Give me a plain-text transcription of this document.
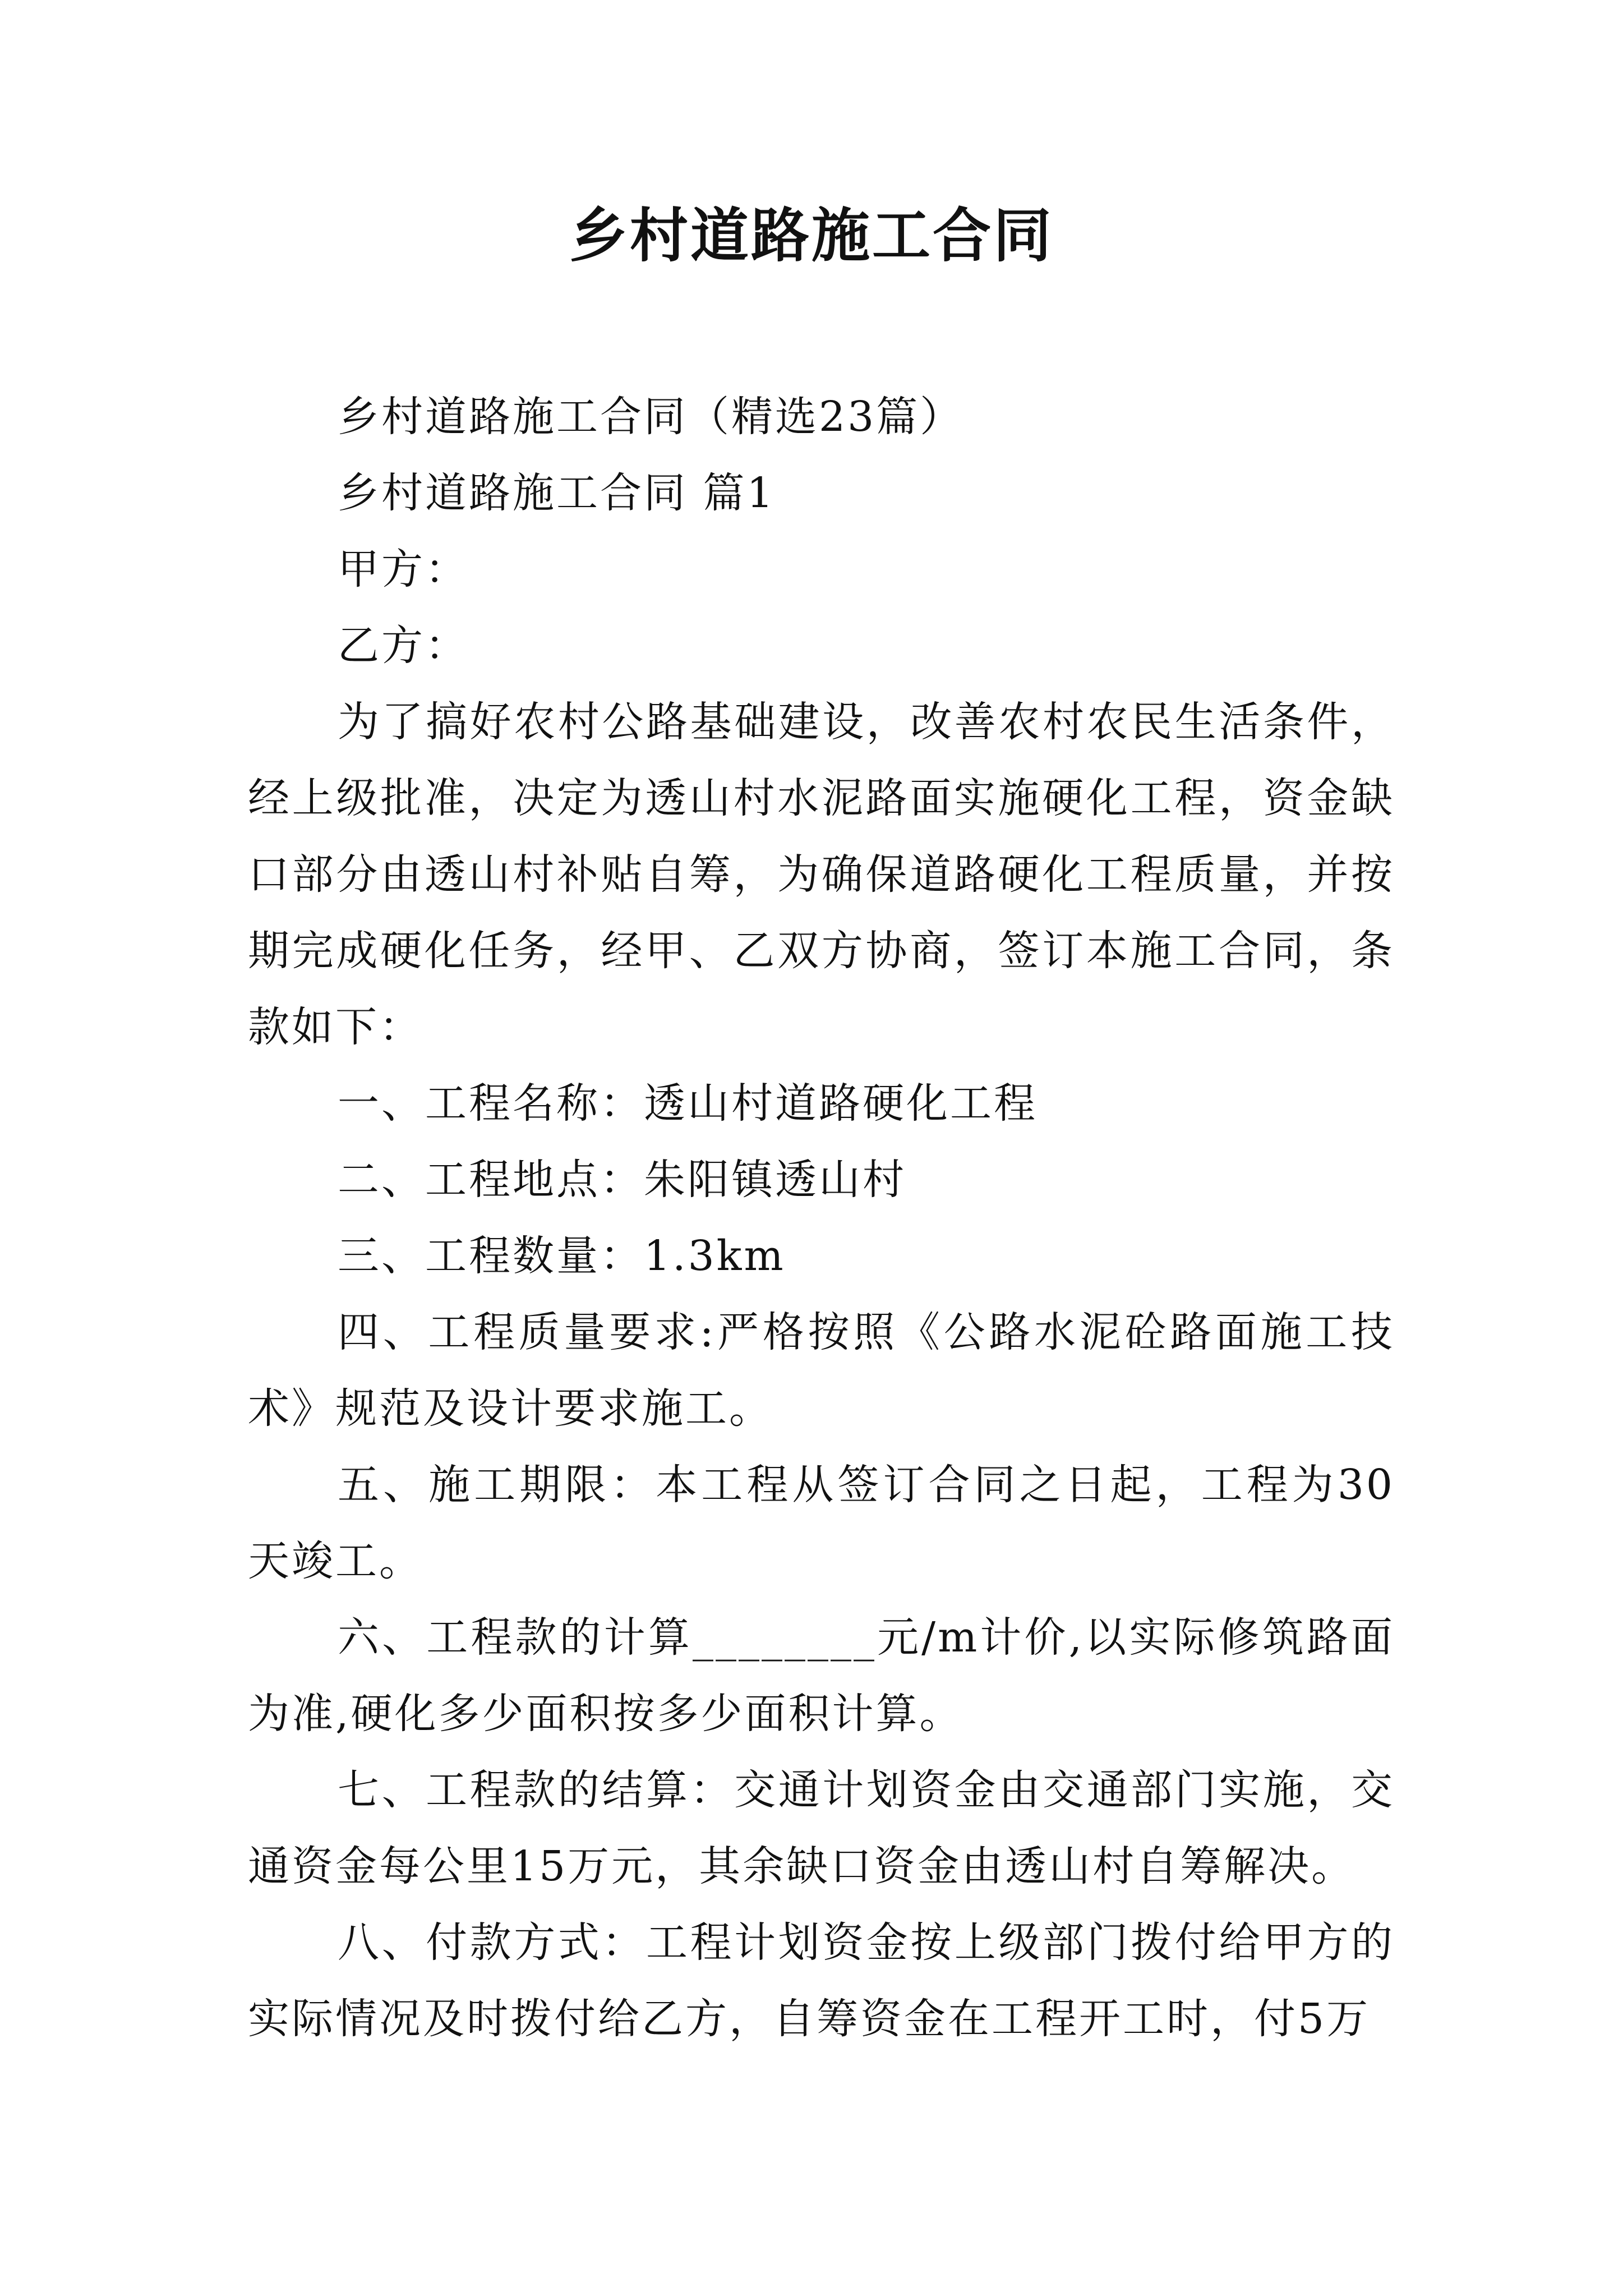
乡村道路施工合同

乡村道路施工合同（精选23篇）

乡村道路施工合同 篇1

甲方：

乙方：

为了搞好农村公路基础建设，改善农村农民生活条件，经上级批准，决定为透山村水泥路面实施硬化工程，资金缺口部分由透山村补贴自筹，为确保道路硬化工程质量，并按期完成硬化任务，经甲、乙双方协商，签订本施工合同，条款如下：

一、工程名称：透山村道路硬化工程

二、工程地点：朱阳镇透山村

三、工程数量：1.3km

四、工程质量要求:严格按照《公路水泥砼路面施工技术》规范及设计要求施工。

五、施工期限：本工程从签订合同之日起，工程为30天竣工。

六、工程款的计算________元/m计价,以实际修筑路面为准,硬化多少面积按多少面积计算。

七、工程款的结算：交通计划资金由交通部门实施，交通资金每公里15万元，其余缺口资金由透山村自筹解决。

八、付款方式：工程计划资金按上级部门拨付给甲方的实际情况及时拨付给乙方，自筹资金在工程开工时，付5万
